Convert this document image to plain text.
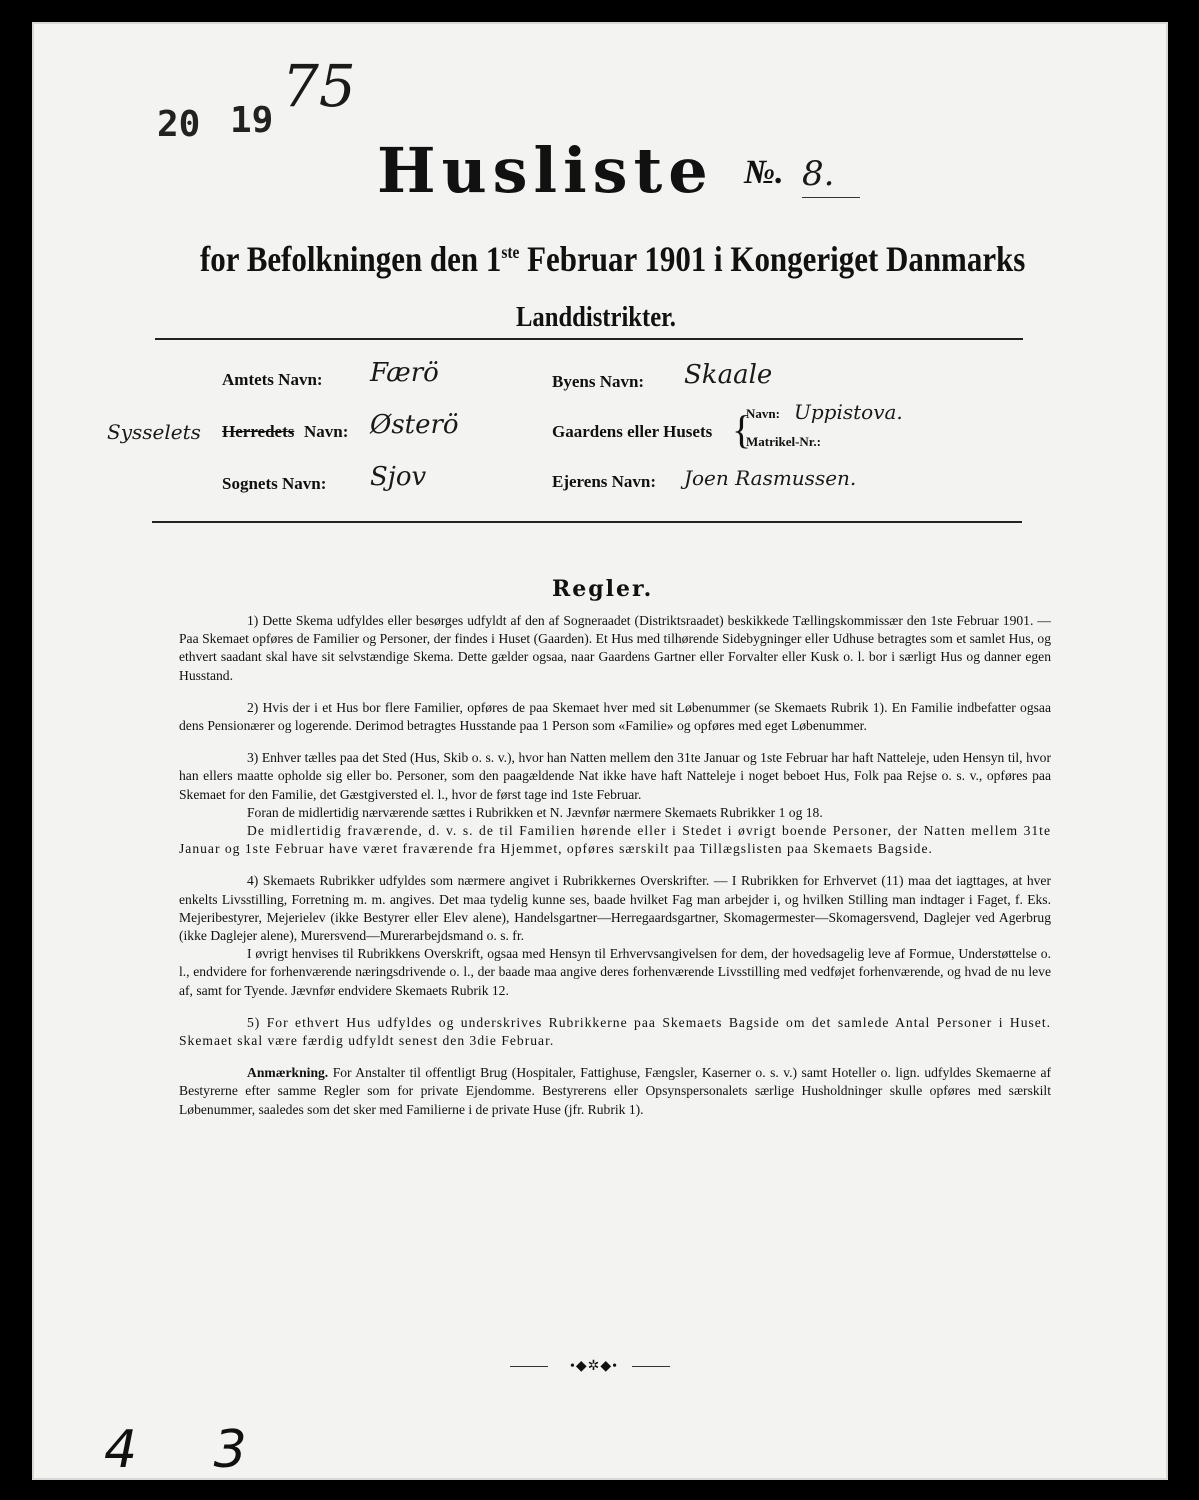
20 19
75
Husliste №. 8.
for Befolkningen den 1ste Februar 1901 i Kongeriget Danmarks
Landdistrikter.
Amtets Navn: Færö
Sysselets Herredets Navn: Østerö
Sognets Navn: Sjov
Byens Navn: Skaale
Gaardens eller Husets {
Navn: Uppistova.
Matrikel-Nr.:
Ejerens Navn: Joen Rasmussen.
Regler.

1) Dette Skema udfyldes eller besørges udfyldt af den af Sogneraadet (Distriktsraadet) beskikkede Tællingskommissær den 1ste Februar 1901. — Paa Skemaet opføres de Familier og Personer, der findes i Huset (Gaarden). Et Hus med tilhørende Sidebygninger eller Udhuse betragtes som et samlet Hus, og ethvert saadant skal have sit selvstændige Skema. Dette gælder ogsaa, naar Gaardens Gartner eller Forvalter eller Kusk o. l. bor i særligt Hus og danner egen Husstand.

2) Hvis der i et Hus bor flere Familier, opføres de paa Skemaet hver med sit Løbenummer (se Skemaets Rubrik 1). En Familie indbefatter ogsaa dens Pensionærer og logerende. Derimod betragtes Husstande paa 1 Person som «Familie» og opføres med eget Løbenummer.

3) Enhver tælles paa det Sted (Hus, Skib o. s. v.), hvor han Natten mellem den 31te Januar og 1ste Februar har haft Natteleje, uden Hensyn til, hvor han ellers maatte opholde sig eller bo. Personer, som den paagældende Nat ikke have haft Natteleje i noget beboet Hus, Folk paa Rejse o. s. v., opføres paa Skemaet for den Familie, det Gæstgiversted el. l., hvor de først tage ind 1ste Februar.

Foran de midlertidig nærværende sættes i Rubrikken et N. Jævnfør nærmere Skemaets Rubrikker 1 og 18.

De midlertidig fraværende, d. v. s. de til Familien hørende eller i Stedet i øvrigt boende Personer, der Natten mellem 31te Januar og 1ste Februar have været fraværende fra Hjemmet, opføres særskilt paa Tillægslisten paa Skemaets Bagside.

4) Skemaets Rubrikker udfyldes som nærmere angivet i Rubrikkernes Overskrifter. — I Rubrikken for Erhvervet (11) maa det iagttages, at hver enkelts Livsstilling, Forretning m. m. angives. Det maa tydelig kunne ses, baade hvilket Fag man arbejder i, og hvilken Stilling man indtager i Faget, f. Eks. Mejeribestyrer, Mejerielev (ikke Bestyrer eller Elev alene), Handelsgartner—Herregaardsgartner, Skomagermester—Skomagersvend, Daglejer ved Agerbrug (ikke Daglejer alene), Murersvend—Murerarbejdsmand o. s. fr.

I øvrigt henvises til Rubrikkens Overskrift, ogsaa med Hensyn til Erhvervsangivelsen for dem, der hovedsagelig leve af Formue, Understøttelse o. l., endvidere for forhenværende næringsdrivende o. l., der baade maa angive deres forhenværende Livsstilling med vedføjet forhenværende, og hvad de nu leve af, samt for Tyende. Jævnfør endvidere Skemaets Rubrik 12.

5) For ethvert Hus udfyldes og underskrives Rubrikkerne paa Skemaets Bagside om det samlede Antal Personer i Huset. Skemaet skal være færdig udfyldt senest den 3die Februar.

Anmærkning. For Anstalter til offentligt Brug (Hospitaler, Fattighuse, Fængsler, Kaserner o. s. v.) samt Hoteller o. lign. udfyldes Skemaerne af Bestyrerne efter samme Regler som for private Ejendomme. Bestyrerens eller Opsynspersonalets særlige Husholdninger skulle opføres med særskilt Løbenummer, saaledes som det sker med Familierne i de private Huse (jfr. Rubrik 1).

•◆✲◆•
4 3
